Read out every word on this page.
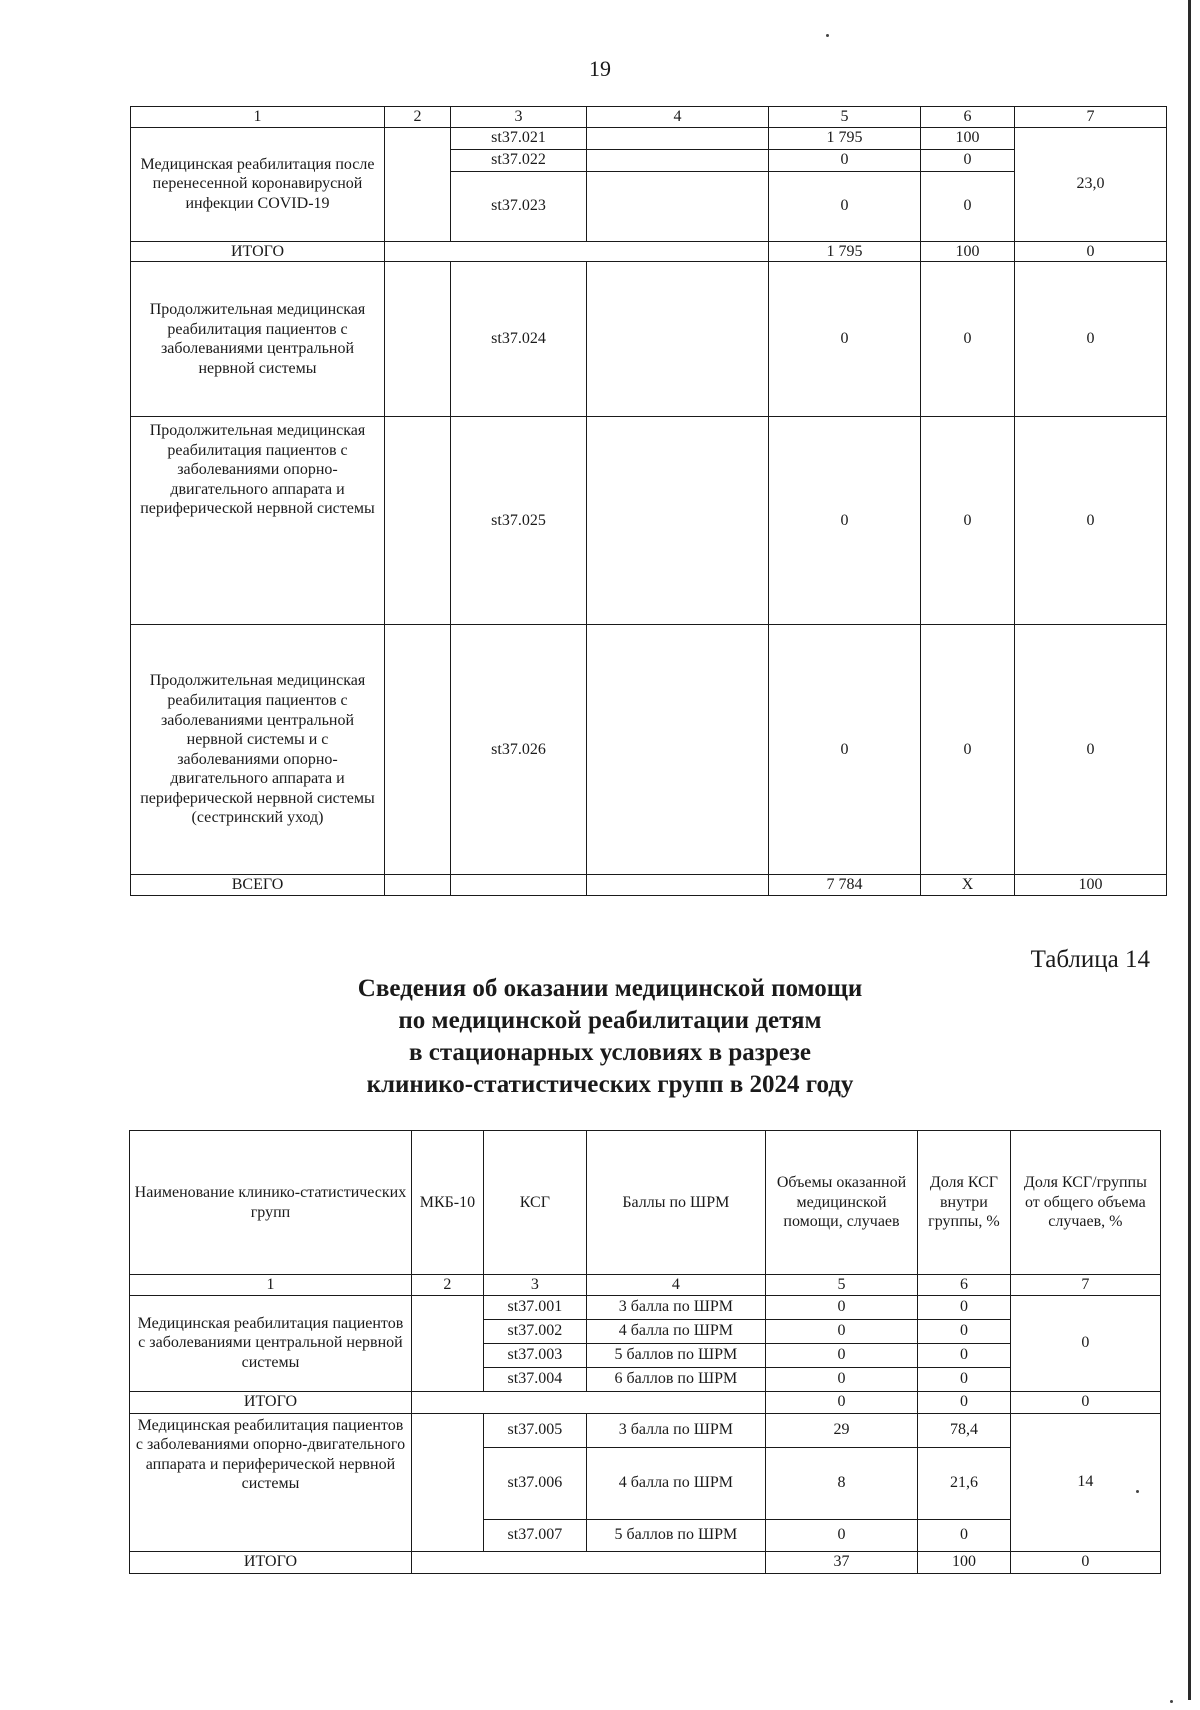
19
1	2	3	4	5	6	7
Медицинская реабилитация после перенесенной коронавирусной инфекции COVID-19		st37.021		1 795	100	23,0
		st37.022		0	0	
		st37.023		0	0	
ИТОГО				1 795	100	0
Продолжительная медицинская реабилитация пациентов с заболеваниями центральной нервной системы		st37.024		0	0	0
Продолжительная медицинская реабилитация пациентов с заболеваниями опорно-двигательного аппарата и периферической нервной системы		st37.025		0	0	0
Продолжительная медицинская реабилитация пациентов с заболеваниями центральной нервной системы и с заболеваниями опорно-двигательного аппарата и периферической нервной системы (сестринский уход)		st37.026		0	0	0
ВСЕГО				7 784	X	100
Таблица 14
Сведения об оказании медицинской помощи
по медицинской реабилитации детям
в стационарных условиях в разрезе
клинико-статистических групп в 2024 году
Наименование клинико-статистических групп	МКБ-10	КСГ	Баллы по ШРМ	Объемы оказанной медицинской помощи, случаев	Доля КСГ внутри группы, %	Доля КСГ/группы от общего объема случаев, %
1	2	3	4	5	6	7
Медицинская реабилитация пациентов с заболеваниями центральной нервной системы		st37.001	3 балла по ШРМ	0	0	0
		st37.002	4 балла по ШРМ	0	0	
		st37.003	5 баллов по ШРМ	0	0	
		st37.004	6 баллов по ШРМ	0	0	
ИТОГО				0	0	0
Медицинская реабилитация пациентов с заболеваниями опорно-двигательного аппарата и периферической нервной системы		st37.005	3 балла по ШРМ	29	78,4	14
		st37.006	4 балла по ШРМ	8	21,6	
		st37.007	5 баллов по ШРМ	0	0	
ИТОГО				37	100	0
